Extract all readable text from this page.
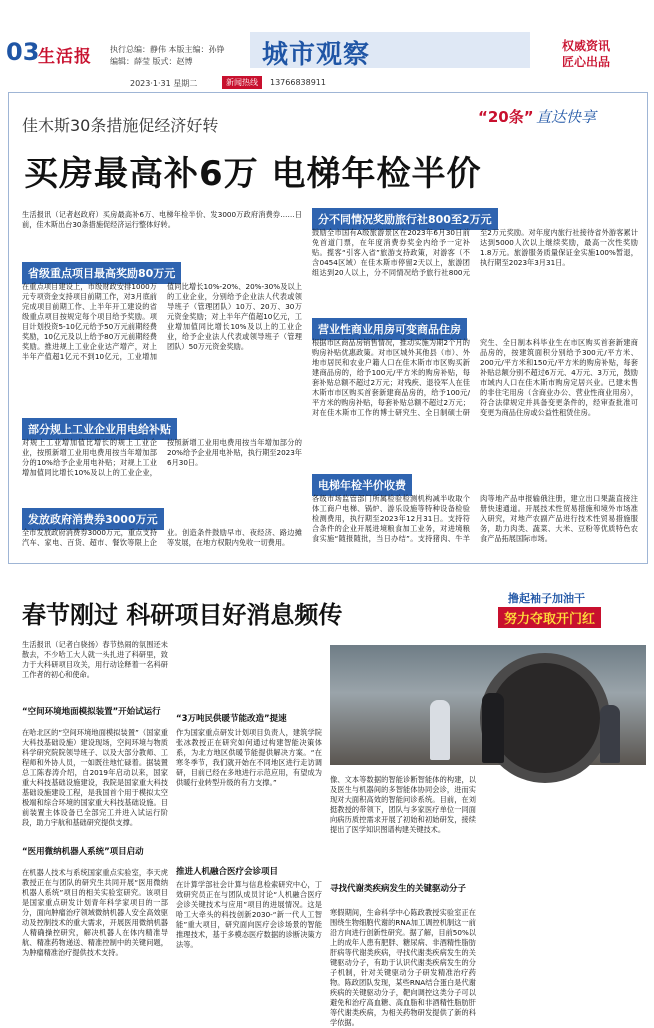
03
生活报 执行总编：静伟 本版主编：孙铮
编辑：薛莹 版式：赵博	城市观察	权威资讯
匠心出品
2023·1·31 星期二	新闻热线	13766838911
佳木斯30条措施促经济好转	“20条” 直达快享
买房最高补6万 电梯年检半价
生活报讯（记者赵政府）买房最高补6万、电梯年检半价、发3000万政府消费券……日前，佳木斯出台30条措施促经济运行整体好转。
省级重点项目最高奖励80万元
在重点项目建设上，市级财政安排1000万元专项资金支持项目前期工作，对3月底前完成项目前期工作、上半年开工建设的省级重点项目按规定每个项目给予奖励。项目计划投资5-10亿元给予50万元前期经费奖励，10亿元及以上给予80万元前期经费奖励。推进规上工业企业达产增产，对上半年产值超1亿元不到10亿元，工业增加值同比增长10%-20%、20%-30%及以上的工业企业，分别给予企业法人代表或领导班子（管理团队）10万、20万、30万元资金奖励；对上半年产值超10亿元，工业增加值同比增长10%及以上的工业企业，给予企业法人代表或领导班子（管理团队）50万元资金奖励。
部分规上工业企业用电给补贴
对规上工业增加值比增长的规上工业企业，按照新增工业用电费用按当年增加部分的10%给予企业用电补贴；对规上工业增加值同比增长10%及以上的工业企业，按照新增工业用电费用按当年增加部分的20%给予企业用电补贴，执行期至2023年6月30日。
发放政府消费券3000万元
全市发放政府消费券3000万元，重点支持汽车、家电、百货、超市、餐饮等限上企业。创造条件鼓励早市、夜经济、路边摊等发展，在地方权限内免收一切费用。
分不同情况奖励旅行社800至2万元
鼓励全市国有A级旅游景区在2023年6月30日前免首道门票，在年度消费券奖金内给予一定补贴。揽客“引客入省”旅游支持政策，对游客（不含0454区域）在佳木斯市停留2天以上，旅游团组达到20人以上，分不同情况给予旅行社800元至2万元奖励。对年度内旅行社接待省外游客累计达到5000人次以上继续奖励，最高一次性奖励1.8万元。旅游服务质量保证金实施100%暂退，执行期至2023年3月31日。
营业性商业用房可变商品住房
根据市区商品房销售情况，推动实施为期2个月的购房补贴优惠政策。对市区城外其他县（市）、外地市居民和农业户籍人口在佳木斯市市区购买新建商品房的，给予100元/平方米的购房补贴，每套补贴总额不超过2万元；对残疾、退役军人在佳木斯市市区购买首套新建商品房的，给予100元/平方米的购房补贴，每套补贴总额不超过2万元；对在佳木斯市工作的博士研究生、全日制硕士研究生、全日制本科毕业生在市区购买首套新建商品房的，按建筑面积分别给予300元/平方米、200元/平方米和150元/平方米的购房补贴，每套补贴总额分别不超过6万元、4万元、3万元，鼓励市域内人口在佳木斯市购房定居兴业。已建未售的非住宅用房（含商业办公、营业性商业用房），符合法律规定并具备变更条件的，经审查批准可变更为商品住房或公益性租赁住房。
电梯年检半价收费
各级市场监管部门所属检验检测机构减半收取个体工商户电梯、锅炉、游乐设施等特种设备检验检测费用，执行期至2023年12月31日。支持符合条件的企业开展进境粮食加工业务，对进境粮食实施“随报随批，当日办结”。支持猪肉、牛羊肉等地产品申报输俄注册，建立出口果蔬直接注册快速通道。开展技术性贸易措施和境外市场准入研究，对地产农副产品进行技术性贸易措施服务，助力肉类、蔬菜、大米、豆粉等优质特色农食产品拓展国际市场。
春节刚过 科研项目好消息频传
撸起袖子加油干
努力夺取开门红
生活报讯（记者白骁扬）春节热闹的氛围还未散去，不少哈工大人就一头扎进了科研里，致力于大科研项目攻关，用行动诠释着一名科研工作者的初心和使命。
“空间环境地面模拟装置”开始试运行
在哈北区的“空间环境地面模拟装置”（国家重大科技基础设施）建设现场，空间环境与物质科学研究院院领导班子、以及大部分教师、工程师和外协人员，一如既往地忙碌着。据装置总工陈春涛介绍，自2019年启动以来，国家重大科技基础设施建设，我院是国家重大科技基础设施建设工程，是我国首个用于模拟太空极端和综合环境的国家重大科技基础设施。目前装置主体设备已全部完工并进入试运行阶段，助力宇航和基础研究提供支撑。
“医用微纳机器人系统”项目启动
在机器人技术与系统国家重点实验室，李天虎教授正在与团队的研究生共同开展“医用微纳机器人系统”项目的相关实验室研究。该项目是国家重点研发计划青年科学家项目的一部分，面向肿瘤治疗领域微纳机器人安全高效驱动及控制技术的重大需求，开展医用微纳机器人精确操控研究，解决机器人在体内精准导航、精准药物递送、精准控制中的关键问题，为肿瘤精准治疗提供技术支持。
“3万吨民供暖节能改造”提速
作为国家重点研发计划项目负责人，建筑学院张冰教授正在研究如何通过构建智能决策体系，为北方地区供暖节能提供解决方案。“在寒冬季节，我们就开始在不同地区进行走访调研，目前已经在多地进行示范应用，有望成为供暖行业转型升级的有力支撑。”
推进人机融合医疗会诊项目
在计算学部社会计算与信息检索研究中心，丁效研究员正在与团队成员讨论“人机融合医疗会诊关键技术与应用”项目的进展情况。这是哈工大牵头的科技创新2030-“新一代人工智能”重大项目，研究面向医疗会诊场景的智能推理技术，基于多模态医疗数据的诊断决策方法等。
像、文本等数据的智能诊断智能体的构建，以及医生与机器间的多智能体协同会诊，进而实现对大面积高效的智能问诊系统。目前，在刘挺教授的带领下，团队与多家医疗单位一同面向病历质控需求开展了初始和初始研发，接续提出了医学知识图谱构建关键技术。
寻找代谢类疾病发生的关键驱动分子
寒假期间，生命科学中心陈政教授实验室正在围绕生物细胞代谢的RNA加工调控机制这一前沿方向进行创新性研究。据了解，目前50%以上的成年人患有肥胖、糖尿病、非酒精性脂肪肝病等代谢类疾病，寻找代谢类疾病发生的关键驱动分子，有助于认识代谢类疾病发生的分子机制，针对关键驱动分子研发精准治疗药物。陈政团队发现，某些RNA结合蛋白是代谢疾病的关键驱动分子，靶向调控这类分子可以避免和治疗高血糖、高血脂和非酒精性脂肪肝等代谢类疾病，为相关药物研发提供了新的科学依据。
